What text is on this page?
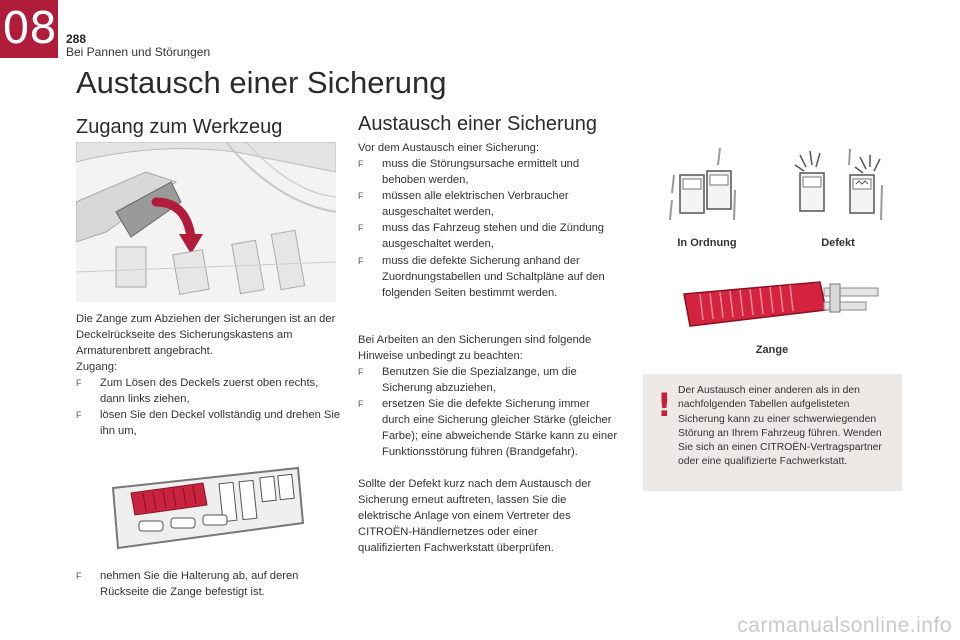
08 288
Bei Pannen und Störungen
Austausch einer Sicherung
Zugang zum Werkzeug
Die Zange zum Abziehen der Sicherungen ist an der Deckelrückseite des Sicherungskastens am Armaturenbrett angebracht.
Zugang:
F Zum Lösen des Deckels zuerst oben rechts, dann links ziehen,
F lösen Sie den Deckel vollständig und drehen Sie ihn um,
F nehmen Sie die Halterung ab, auf deren Rückseite die Zange befestigt ist.
Austausch einer Sicherung
Vor dem Austausch einer Sicherung:
F muss die Störungsursache ermittelt und behoben werden,
F müssen alle elektrischen Verbraucher ausgeschaltet werden,
F muss das Fahrzeug stehen und die Zündung ausgeschaltet werden,
F muss die defekte Sicherung anhand der Zuordnungstabellen und Schaltpläne auf den folgenden Seiten bestimmt werden.
Bei Arbeiten an den Sicherungen sind folgende Hinweise unbedingt zu beachten:
F Benutzen Sie die Spezialzange, um die Sicherung abzuziehen,
F ersetzen Sie die defekte Sicherung immer durch eine Sicherung gleicher Stärke (gleicher Farbe); eine abweichende Stärke kann zu einer Funktionsstörung führen (Brandgefahr).
Sollte der Defekt kurz nach dem Austausch der Sicherung erneut auftreten, lassen Sie die elektrische Anlage von einem Vertreter des CITROËN-Händlernetzes oder einer qualifizierten Fachwerkstatt überprüfen.
In Ordnung	Defekt
Zange
! Der Austausch einer anderen als in den nachfolgenden Tabellen aufgelisteten Sicherung kann zu einer schwerwiegenden Störung an Ihrem Fahrzeug führen. Wenden Sie sich an einen CITROËN-Vertragspartner oder eine qualifizierte Fachwerkstatt.
carmanualsonline.info
